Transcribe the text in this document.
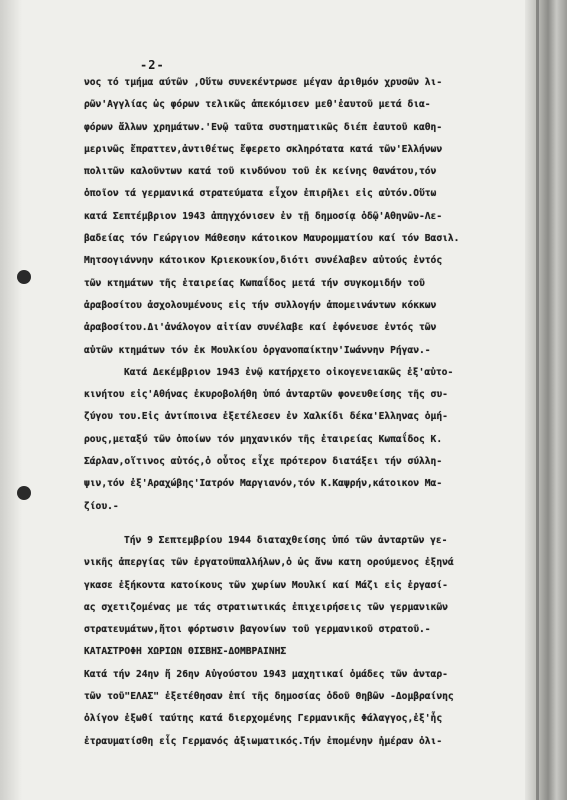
-2-
νος τό τμήμα αύτῶν ,Οὕτω συνεκέντρωσε μέγαν ἀριθμόν χρυσῶν λι-
ρῶν'Αγγλίας ὡς φόρων τελικῶς ἀπεκόμισεν μεθ'ἑαυτοῦ μετά δια-
φόρων ἄλλων χρημάτων.'Ενῷ ταῦτα συστηματικῶς διέπ ἑαυτοῦ καθη-
μερινῶς ἔπραττεν,ἀντιθέτως ἔφερετο σκληρότατα κατά τῶν'Ελλήνων
πολιτῶν καλοῦντων κατά τοῦ κινδύνου τοῦ ἐκ κείνης θανάτου,τόν
ὁποῖον τά γερμανικά στρατεύματα εἶχον ἐπιρῆλει εἰς αὐτόν.Οὕτω
κατά Σεπτέμβριον 1943 ἀπηγχόνισεν ἐν τῇ δημοσίᾳ ὁδῷ'Αθηνῶν-Λε-
βαδείας τόν Γεώργιον Μάθεσην κάτοικον Μαυρομματίου καί τόν Βασιλ.
Μητσογιάννην κάτοικον Κριεκουκίου,διότι συνέλαβεν αὐτούς ἐντός
τῶν κτημάτων τῆς ἑταιρείας Κωπαΐδος μετά τήν συγκομιδήν τοῦ
ἀραβοσίτου ἀσχολουμένους εἰς τήν συλλογήν ἀπομεινάντων κόκκων
ἀραβοσίτου.Δι'ἀνάλογον αἰτίαν συνέλαβε καί ἐφόνευσε ἐντός τῶν
αὐτῶν κτημάτων τόν ἐκ Μουλκίου ὀργανοπαίκτην'Ιωάννην Ρήγαν.-
Κατά Δεκέμβριον 1943 ἐνῷ κατήρχετο οἰκογενειακῶς ἐξ'αὐτο-
κινήτου εἰς'Αθήνας ἐκυροβολήθη ὑπό ἀνταρτῶν φονευθείσης τῆς συ-
ζύγου του.Εἰς ἀντίποινα ἐξετέλεσεν ἐν Χαλκίδι δέκα'Ελληνας ὁμή-
ρους,μεταξύ τῶν ὁποίων τόν μηχανικόν τῆς ἑταιρείας Κωπαΐδος Κ.
Σάρλαν,οἵτινος αὐτός,ὁ οὗτος εἶχε πρότερον διατάξει τήν σύλλη-
ψιν,τόν ἐξ'Αραχώβης'Ιατρόν Μαργιανόν,τόν Κ.Καψρήν,κάτοικον Μα-
ζίου.-
Τήν 9 Σεπτεμβρίου 1944 διαταχθείσης ὑπό τῶν ἀνταρτῶν γε-
νικῆς ἀπεργίας τῶν ἐργατοϋπαλλήλων,ὁ ὡς ἄνω κατη ορούμενος ἐξηνά
γκασε ἐξήκοντα κατοίκους τῶν χωρίων Μουλκί καί Μάζι εἰς ἐργασί-
ας σχετιζομένας με τάς στρατιωτικάς ἐπιχειρήσεις τῶν γερμανικῶν
στρατευμάτων,ἤτοι φόρτωσιν βαγονίων τοῦ γερμανικοῦ στρατοῦ.-
ΚΑΤΑΣΤΡΟΦΗ ΧΩΡΙΩΝ ΘΙΣΒΗΣ-ΔΟΜΒΡΑΙΝΗΣ
Κατά τήν 24ην ἤ 26ην Αὐγούστου 1943 μαχητικαί ὁμάδες τῶν ἀνταρ-
τῶν τοῦ"ΕΛΑΣ" ἐξετέθησαν ἐπί τῆς δημοσίας ὁδοῦ Θηβῶν -Δομβραίνης
ὀλίγον ἐξωθί ταύτης κατά διερχομένης Γερμανικῆς Φάλαγγος,ἐξ'ἧς
ἐτραυματίσθη εἷς Γερμανός ἀξιωματικός.Τήν ἐπομένην ἡμέραν ὀλι-
